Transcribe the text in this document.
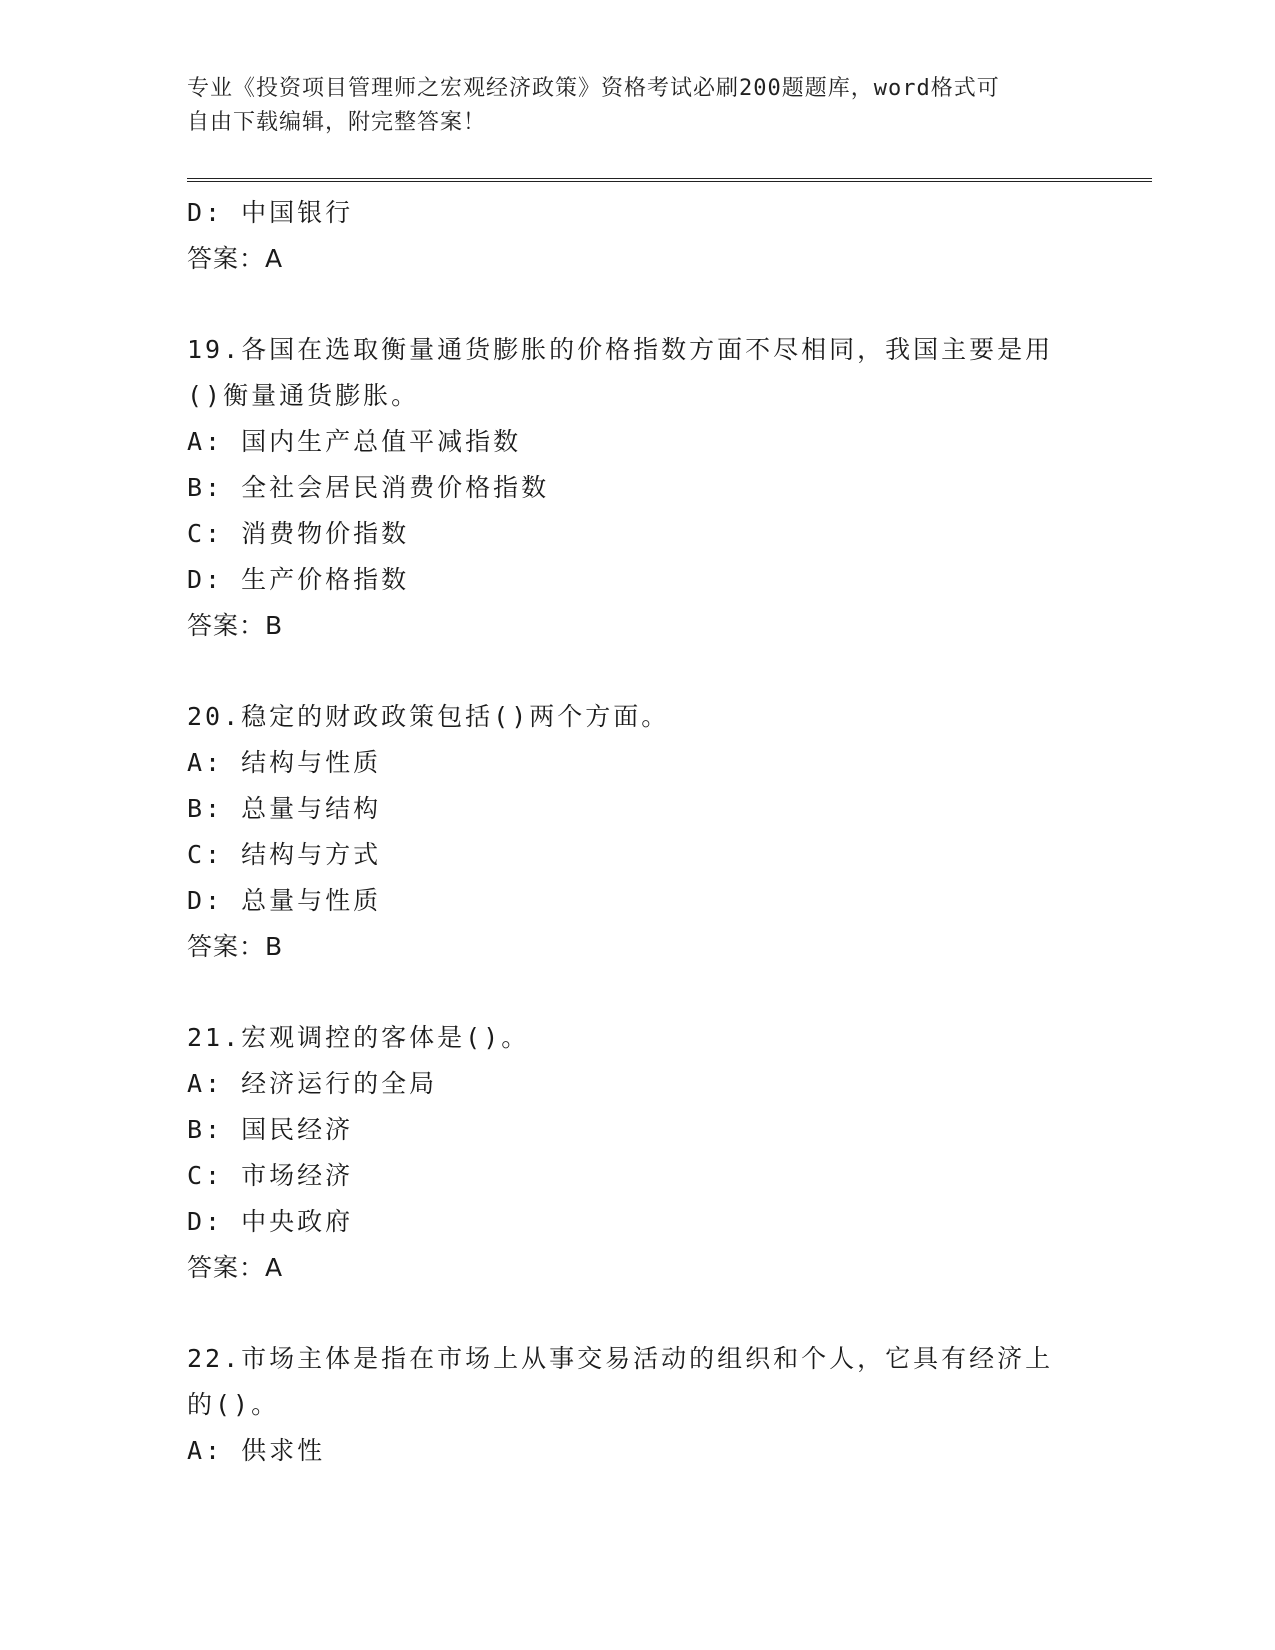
专业《投资项目管理师之宏观经济政策》资格考试必刷200题题库，word格式可
自由下载编辑，附完整答案！
D: 中国银行
答案：A
19.各国在选取衡量通货膨胀的价格指数方面不尽相同，我国主要是用
()衡量通货膨胀。
A: 国内生产总值平减指数
B: 全社会居民消费价格指数
C: 消费物价指数
D: 生产价格指数
答案：B
20.稳定的财政政策包括()两个方面。
A: 结构与性质
B: 总量与结构
C: 结构与方式
D: 总量与性质
答案：B
21.宏观调控的客体是()。
A: 经济运行的全局
B: 国民经济
C: 市场经济
D: 中央政府
答案：A
22.市场主体是指在市场上从事交易活动的组织和个人，它具有经济上
的()。
A: 供求性
